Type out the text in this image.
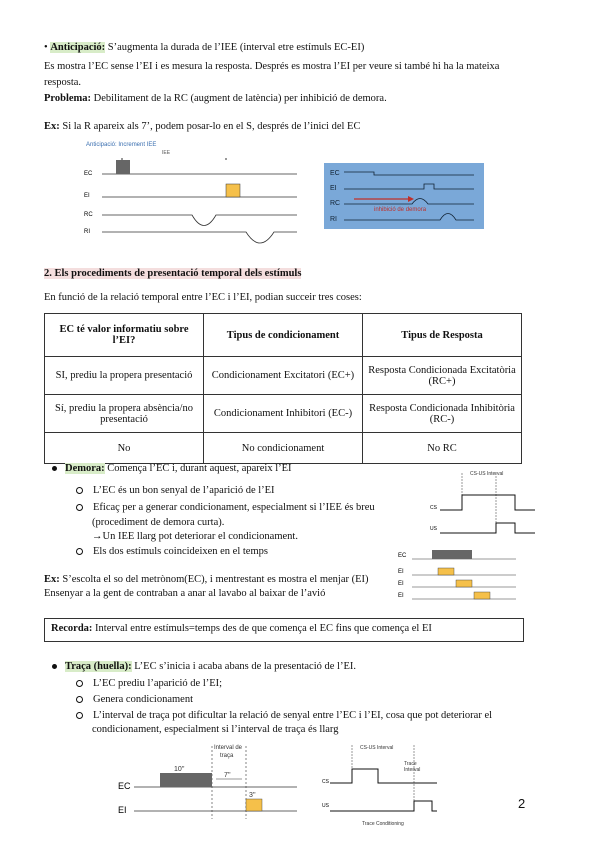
• Anticipació: S’augmenta la durada de l’IEE (interval etre estímuls EC-EI)
Es mostra l’EC sense l’EI i es mesura la resposta. Després es mostra l’EI per veure si també hi ha la mateixa
resposta.
Problema: Debilitament de la RC (augment de latència) per inhibició de demora.
Ex: Si la R apareix als 7’, podem posar-lo en el S, després de l’inici del EC
Anticipació: Increment IEE
IEE
EC
EI
RC
RI
EC
EI
RC
inhibició de demora
RI
2. Els procediments de presentació temporal dels estímuls
En funció de la relació temporal entre l’EC i l’EI, podian succeir tres coses:
EC té valor informatiu sobre l’EI?	Tipus de condicionament	Tipus de Resposta
SI, prediu la propera presentació	Condicionament Excitatori (EC+)	Resposta Condicionada Excitatòria (RC+)
Sí, prediu la propera absència/no presentació	Condicionament Inhibitori (EC-)	Resposta Condicionada Inhibitòria (RC-)
No	No condicionament	No RC
Demora: Comença l’EC i, durant aquest, apareix l’EI
L’EC és un bon senyal de l’aparició de l’EI
Eficaç per a generar condicionament, especialment si l’IEE és breu
(procediment de demora curta).
→Un IEE llarg pot deteriorar el condicionament.
Els dos estímuls coincideixen en el temps
Ex: S’escolta el so del metrònom(EC), i mentrestant es mostra el menjar (EI)
Ensenyar a la gent de contraban a anar al lavabo al baixar de l’avió
CS-US Interval
CS
US
EC
EI
EI
EI
Recorda: Interval entre estímuls=temps des de que comença el EC fins que comença el EI
Traça (huella): L’EC s’inicia i acaba abans de la presentació de l’EI.
L’EC prediu l’aparició de l’EI;
Genera condicionament
L’interval de traça pot dificultar la relació de senyal entre l’EC i l’EI, cosa que pot deteriorar el
condicionament, especialment si l’interval de traça és llarg
Interval de
traça
EC
10''
7''
EI
3''
CS-US Interval
Trace
Interval
CS
US
Trace Conditioning
2
